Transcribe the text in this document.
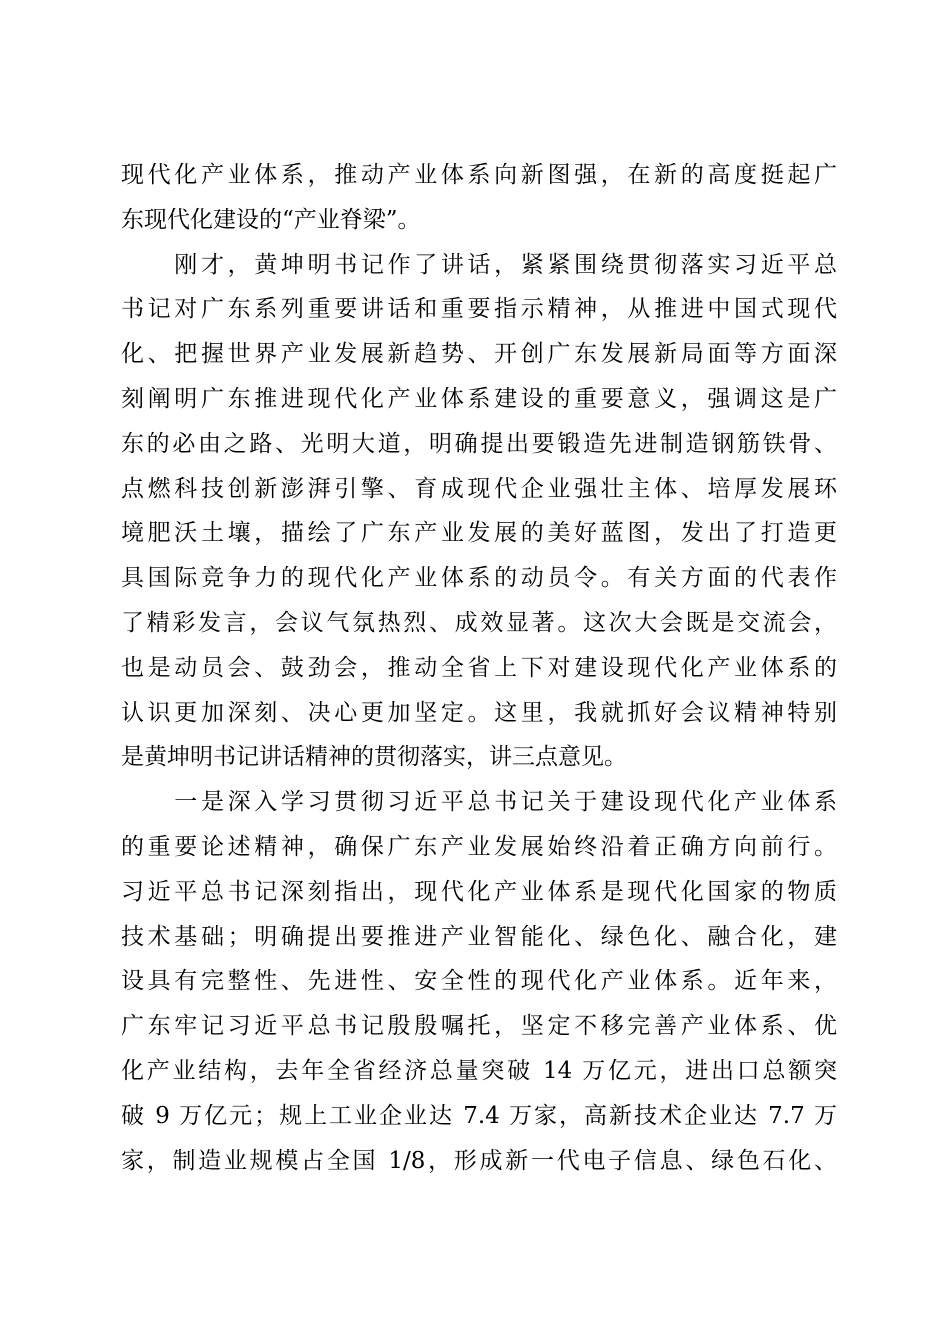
现代化产业体系，推动产业体系向新图强，在新的高度挺起广
东现代化建设的“产业脊梁”。
　　刚才，黄坤明书记作了讲话，紧紧围绕贯彻落实习近平总
书记对广东系列重要讲话和重要指示精神，从推进中国式现代
化、把握世界产业发展新趋势、开创广东发展新局面等方面深
刻阐明广东推进现代化产业体系建设的重要意义，强调这是广
东的必由之路、光明大道，明确提出要锻造先进制造钢筋铁骨、
点燃科技创新澎湃引擎、育成现代企业强壮主体、培厚发展环
境肥沃土壤，描绘了广东产业发展的美好蓝图，发出了打造更
具国际竞争力的现代化产业体系的动员令。有关方面的代表作
了精彩发言，会议气氛热烈、成效显著。这次大会既是交流会，
也是动员会、鼓劲会，推动全省上下对建设现代化产业体系的
认识更加深刻、决心更加坚定。这里，我就抓好会议精神特别
是黄坤明书记讲话精神的贯彻落实，讲三点意见。
　　一是深入学习贯彻习近平总书记关于建设现代化产业体系
的重要论述精神，确保广东产业发展始终沿着正确方向前行。
习近平总书记深刻指出，现代化产业体系是现代化国家的物质
技术基础；明确提出要推进产业智能化、绿色化、融合化，建
设具有完整性、先进性、安全性的现代化产业体系。近年来，
广东牢记习近平总书记殷殷嘱托，坚定不移完善产业体系、优
化产业结构，去年全省经济总量突破 14 万亿元，进出口总额突
破 9 万亿元；规上工业企业达 7.4 万家，高新技术企业达 7.7 万
家，制造业规模占全国 1/8，形成新一代电子信息、绿色石化、
